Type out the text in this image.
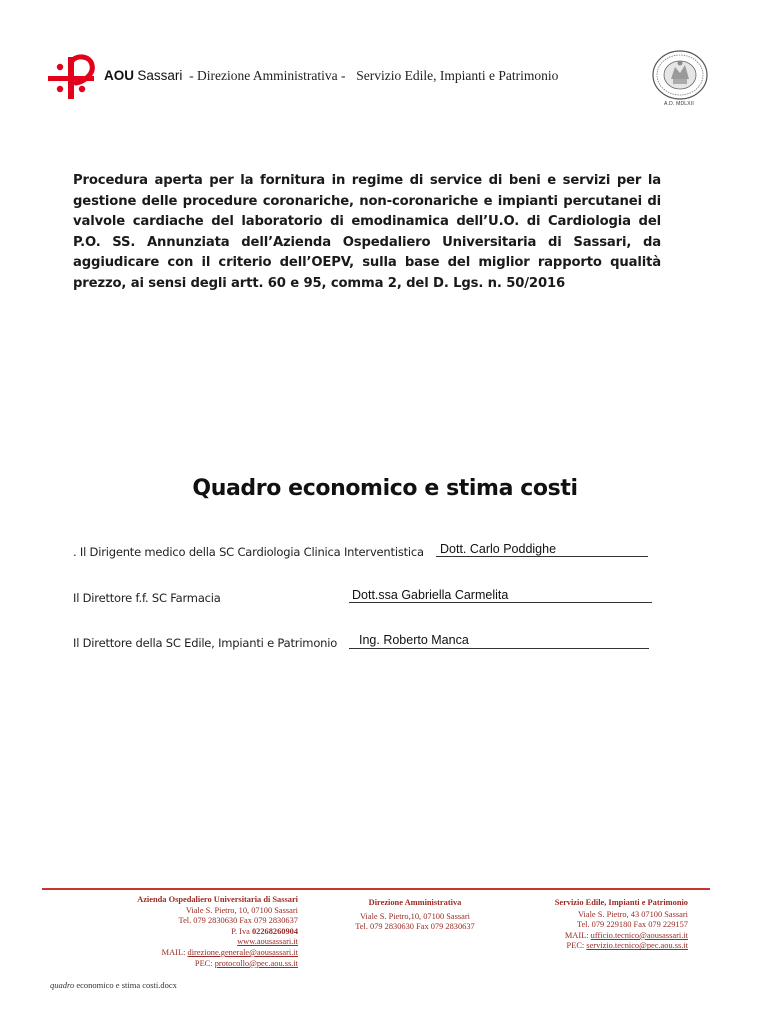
AOU Sassari  - Direzione Amministrativa -  Servizio Edile, Impianti e Patrimonio
A.D. MDLXII
Procedura aperta per la fornitura in regime di service di beni e servizi per la gestione delle procedure coronariche, non-coronariche e impianti percutanei di valvole cardiache del laboratorio di emodinamica dell’U.O. di Cardiologia del P.O. SS. Annunziata dell’Azienda Ospedaliero Universitaria di Sassari, da aggiudicare con il criterio dell’OEPV, sulla base del miglior rapporto qualità prezzo, ai sensi degli artt. 60 e 95, comma 2, del D. Lgs. n. 50/2016
Quadro economico e stima costi
. Il Dirigente medico della SC Cardiologia Clinica Interventistica Dott. Carlo Poddighe
Il Direttore f.f. SC Farmacia	Dott.ssa Gabriella Carmelita
Il Direttore della SC Edile, Impianti e Patrimonio Ing. Roberto Manca
Azienda Ospedaliero Universitaria di Sassari
Viale S. Pietro, 10, 07100 Sassari
Tel. 079 2830630 Fax 079 2830637
P. Iva 02268260904
www.aousassari.it
MAIL: direzione.generale@aousassari.it
PEC: protocollo@pec.aou.ss.it
Direzione Amministrativa
Viale S. Pietro,10, 07100 Sassari
Tel. 079 2830630 Fax 079 2830637
Servizio Edile, Impianti e Patrimonio
Viale S. Pietro, 43 07100 Sassari
Tel. 079 229180 Fax 079 229157
MAIL: ufficio.tecnico@aousassari.it
PEC: servizio.tecnico@pec.aou.ss.it
quadro economico e stima costi.docx
